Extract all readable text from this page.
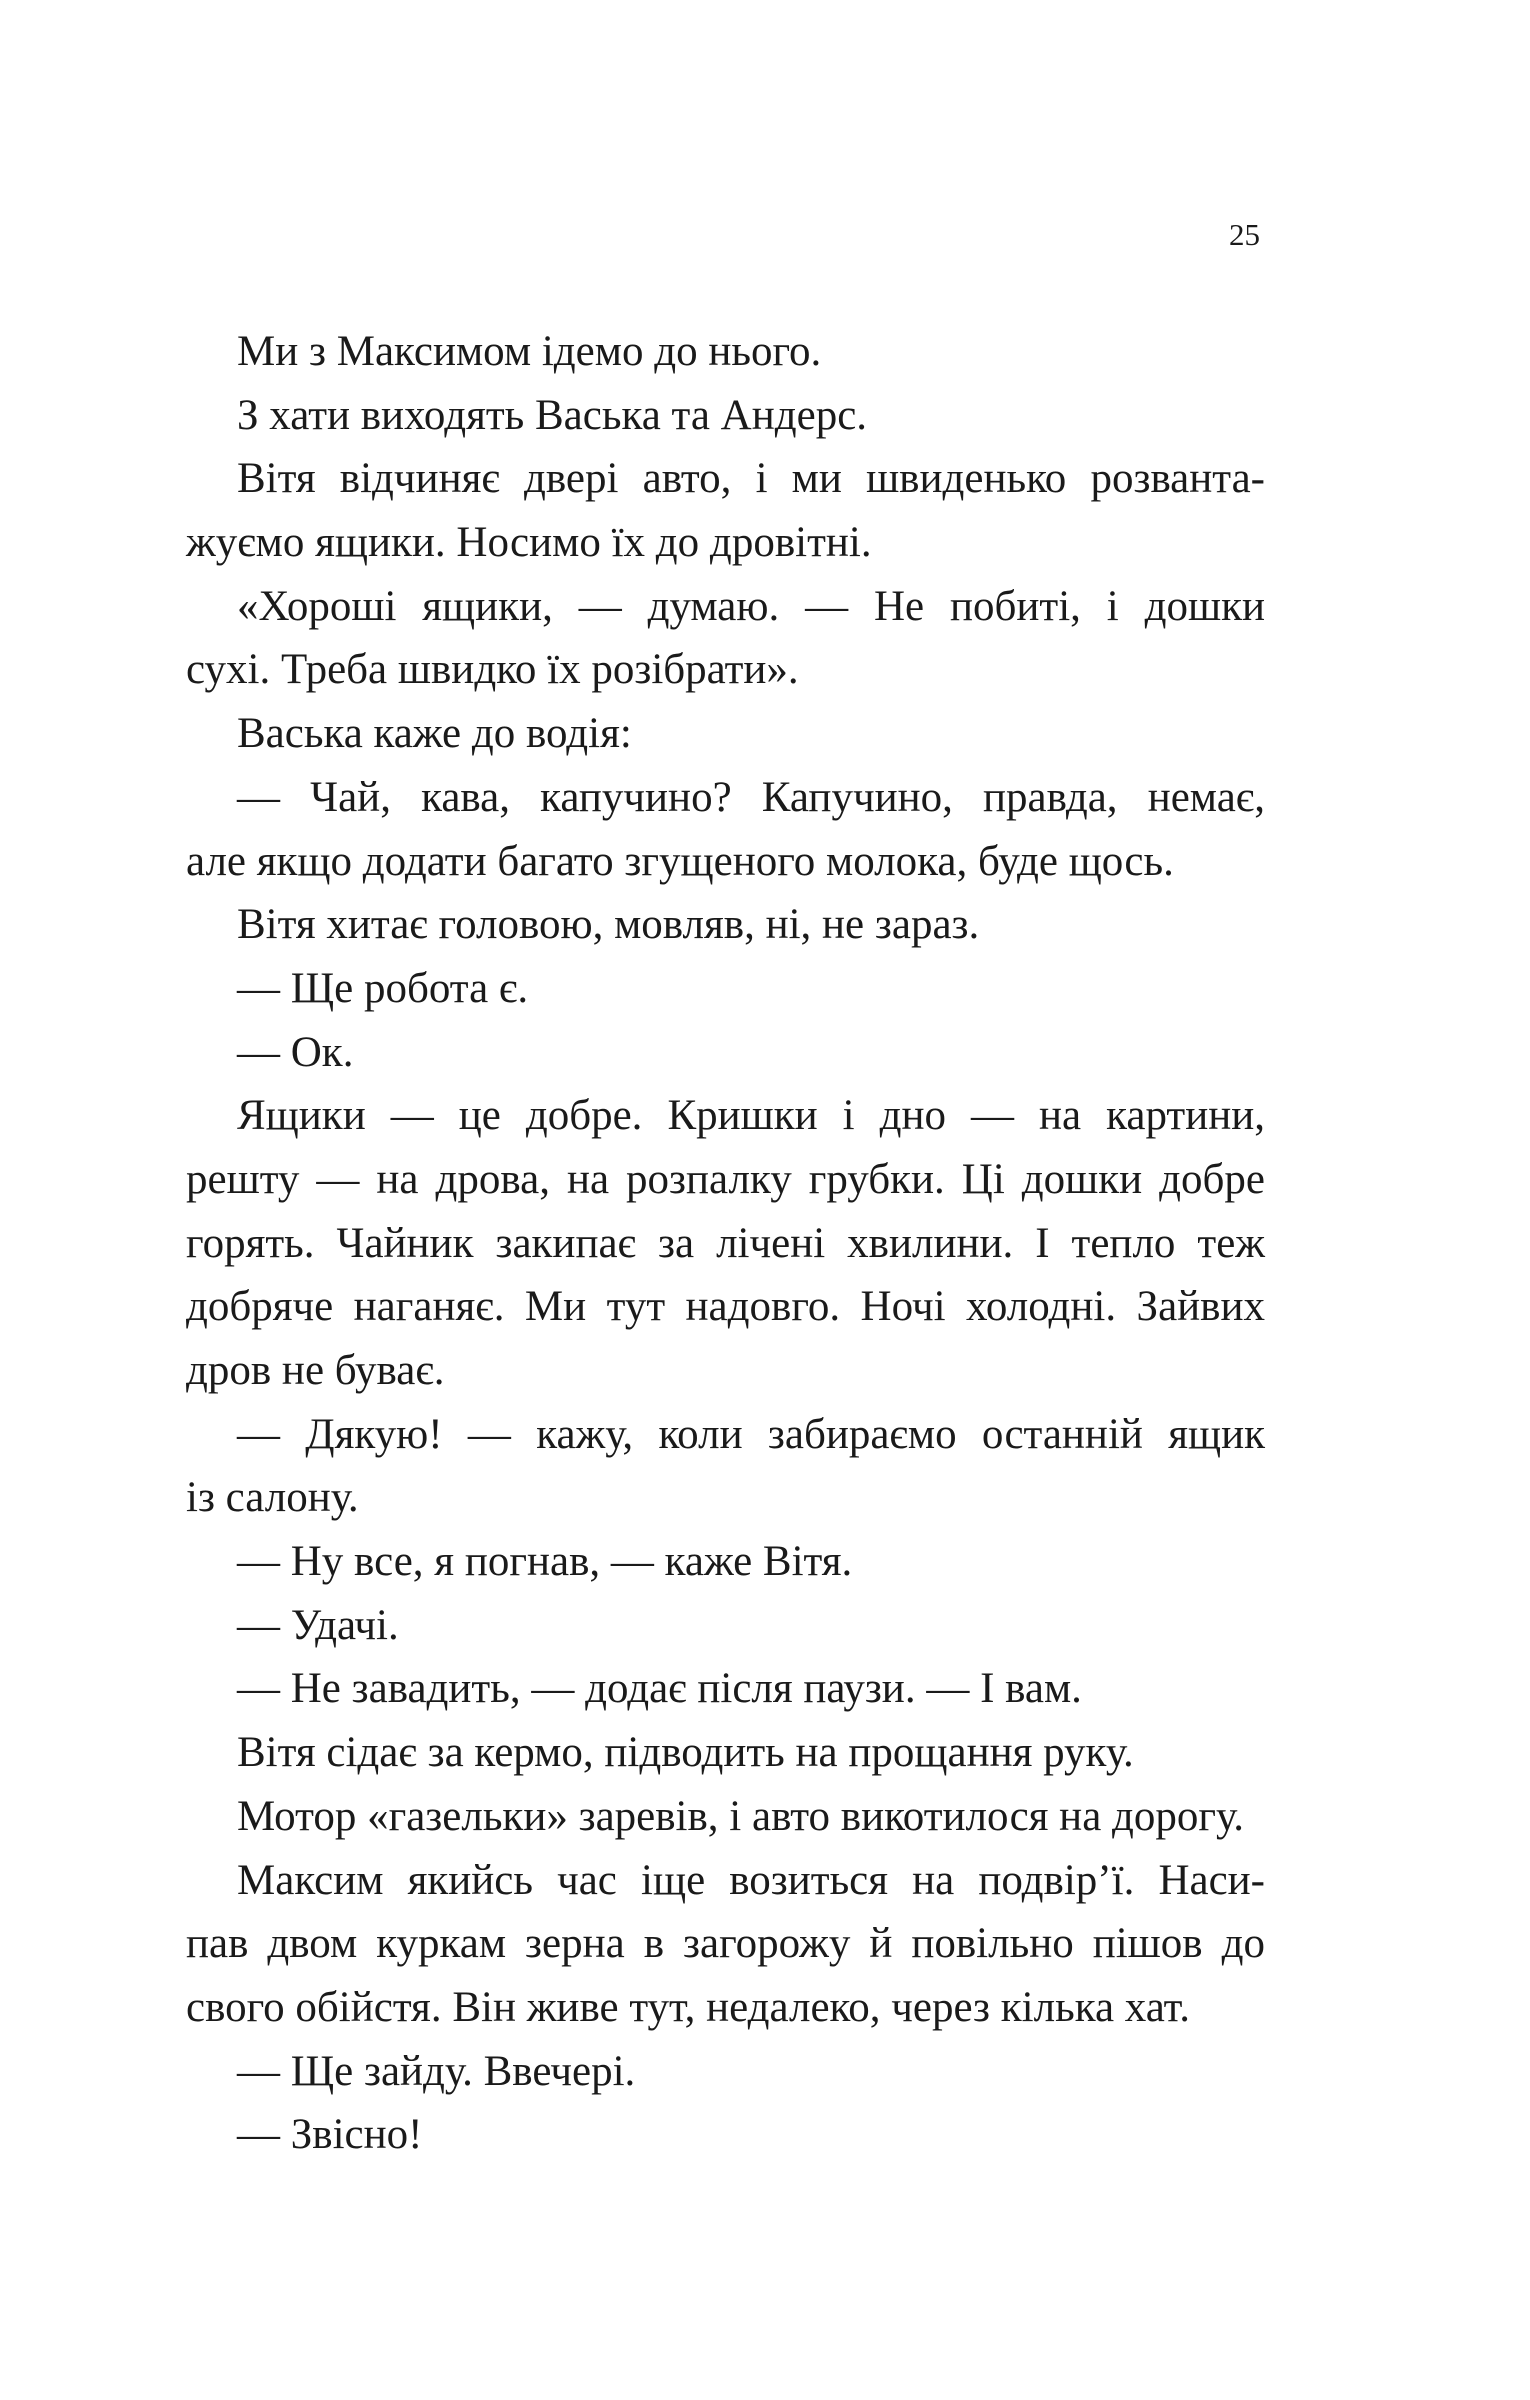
25
Ми з Максимом ідемо до нього.
З хати виходять Васька та Андерс.
Вітя відчиняє двері авто, і ми швиденько розванта-
жуємо ящики. Носимо їх до дровітні.
«Хороші ящики, — думаю. — Не побиті, і дошки
сухі. Треба швидко їх розібрати».
Васька каже до водія:
— Чай, кава, капучино? Капучино, правда, немає,
але якщо додати багато згущеного молока, буде щось.
Вітя хитає головою, мовляв, ні, не зараз.
— Ще робота є.
— Ок.
Ящики — це добре. Кришки і дно — на картини,
решту — на дрова, на розпалку грубки. Ці дошки добре
горять. Чайник закипає за лічені хвилини. І тепло теж
добряче наганяє. Ми тут надовго. Ночі холодні. Зайвих
дров не буває.
— Дякую! — кажу, коли забираємо останній ящик
із салону.
— Ну все, я погнав, — каже Вітя.
— Удачі.
— Не завадить, — додає після паузи. — І вам.
Вітя сідає за кермо, підводить на прощання руку.
Мотор «газельки» заревів, і авто викотилося на дорогу.
Максим якийсь час іще возиться на подвір’ї. Наси-
пав двом куркам зерна в загорожу й повільно пішов до
свого обійстя. Він живе тут, недалеко, через кілька хат.
— Ще зайду. Ввечері.
— Звісно!
